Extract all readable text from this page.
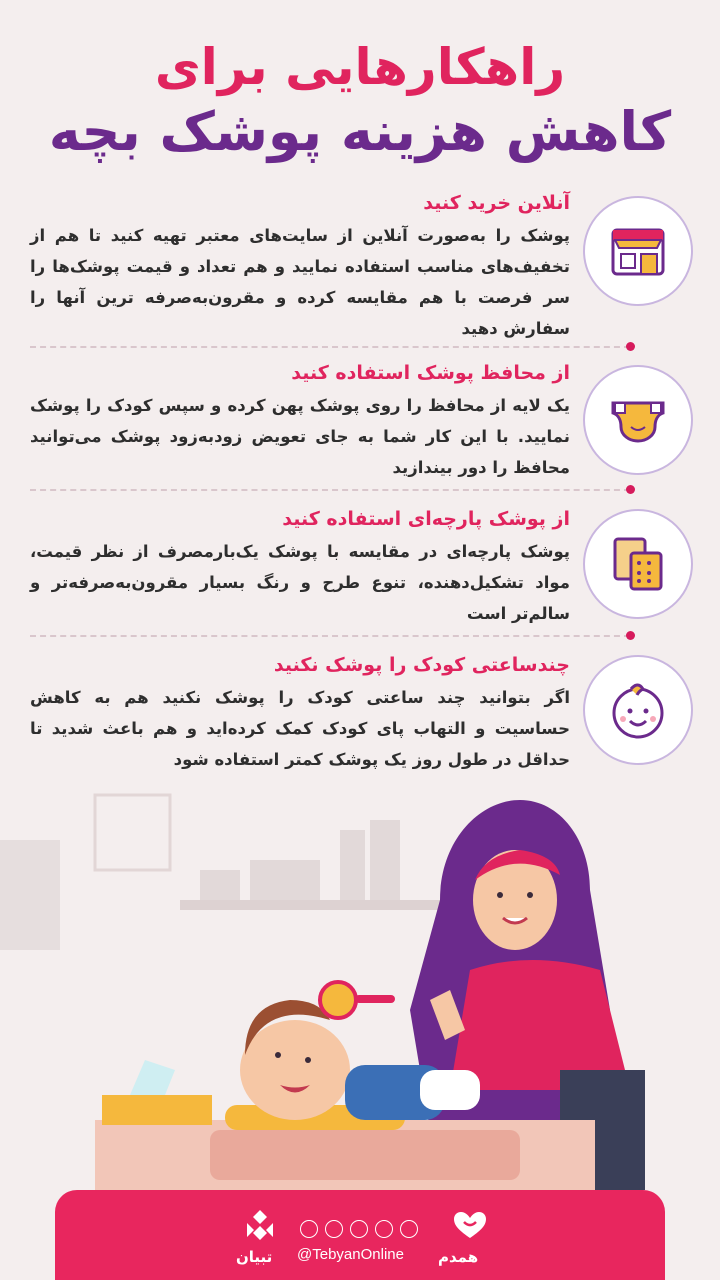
راهکارهایی برای
کاهش هزینه پوشک بچه
آنلاین خرید کنید

پوشک را به‌صورت آنلاین از سایت‌های معتبر تهیه کنید تا هم از تخفیف‌های مناسب استفاده نمایید و هم تعداد و قیمت پوشک‌ها را سر فرصت با هم مقایسه کرده و مقرون‌به‌صرفه ترین آنها را سفارش دهید

از محافظ پوشک استفاده کنید

یک لایه از محافظ را روی پوشک پهن کرده و سپس کودک را پوشک نمایید. با این کار شما به جای تعویض زودبه‌زود پوشک می‌توانید محافظ را دور بیندازید

از پوشک پارچه‌ای استفاده کنید

پوشک پارچه‌ای در مقایسه با پوشک یک‌بارمصرف از نظر قیمت، مواد تشکیل‌دهنده، تنوع طرح و رنگ بسیار مقرون‌به‌صرفه‌تر و سالم‌تر است

چندساعتی کودک را پوشک نکنید

اگر بتوانید چند ساعتی کودک را پوشک نکنید هم به کاهش حساسیت و التهاب پای کودک کمک کرده‌اید و هم باعث شدید تا حداقل در طول روز یک پوشک کمتر استفاده شود

تبیان @TebyanOnline همدم
